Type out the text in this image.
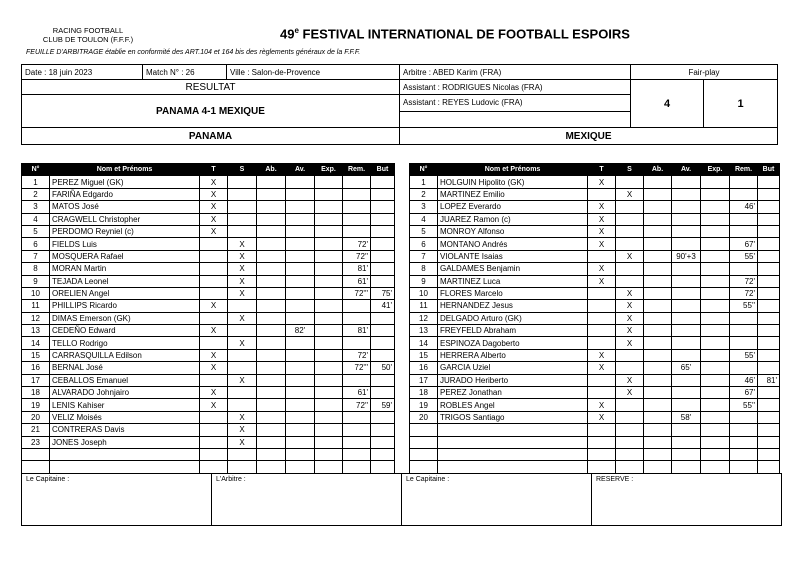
RACING FOOTBALL
CLUB DE TOULON (F.F.F.)	49e FESTIVAL INTERNATIONAL DE FOOTBALL ESPOIRS
FEUILLE D'ARBITRAGE établie en conformité des ART.104 et 164 bis des règlements généraux de la F.F.F.
Date : 18 juin 2023	Match N° : 26	Ville : Salon-de-Provence	Arbitre : ABED Karim (FRA)	Fair-play	
RESULTAT			Assistant : RODRIGUES Nicolas (FRA)	4	1
PANAMA 4-1 MEXIQUE			Assistant : REYES Ludovic (FRA)		

PANAMA			MEXIQUE		
N°	Nom et Prénoms	T	S	Ab.	Av.	Exp.	Rem.	But
1	PEREZ Miguel (GK)	X						
2	FARIÑA Edgardo	X						
3	MATOS José	X						
4	CRAGWELL Christopher	X						
5	PERDOMO Reyniel (c)	X						
6	FIELDS Luis		X				72'	
7	MOSQUERA Rafael		X				72''	
8	MORAN Martin		X				81'	
9	TEJADA Leonel		X				61'	
10	ORELIEN Angel		X				72'''	75'
11	PHILLIPS Ricardo	X						41'
12	DIMAS Emerson (GK)		X					
13	CEDEÑO Edward	X			82'		81'	
14	TELLO Rodrigo		X					
15	CARRASQUILLA Edilson	X					72'	
16	BERNAL José	X					72'''	50'
17	CEBALLOS Emanuel		X					
18	ALVARADO Johnjairo	X					61'	
19	LENIS Kahiser	X					72''	59'
20	VELIZ Moisés		X					
21	CONTRERAS Davis		X					
23	JONES Joseph		X					

N°	Nom et Prénoms	T	S	Ab.	Av.	Exp.	Rem.	But
1	HOLGUIN Hipolito (GK)	X						
2	MARTINEZ Emilio		X					
3	LOPEZ Everardo	X					46'	
4	JUAREZ Ramon (c)	X						
5	MONROY Alfonso	X						
6	MONTANO Andrés	X					67'	
7	VIOLANTE Isaias		X		90'+3		55'	
8	GALDAMES Benjamin	X						
9	MARTINEZ Luca	X					72'	
10	FLORES Marcelo		X				72'	
11	HERNANDEZ Jesus		X				55''	
12	DELGADO Arturo (GK)		X					
13	FREYFELD Abraham		X					
14	ESPINOZA Dagoberto		X					
15	HERRERA Alberto	X					55'	
16	GARCIA Uziel	X			65'			
17	JURADO Heriberto		X				46'	81'
18	PEREZ Jonathan		X				67'	
19	ROBLES Angel	X					55''	
20	TRIGOS Santiago	X			58'			

Le Capitaine :	L'Arbitre :	Le Capitaine :	RESERVE :
